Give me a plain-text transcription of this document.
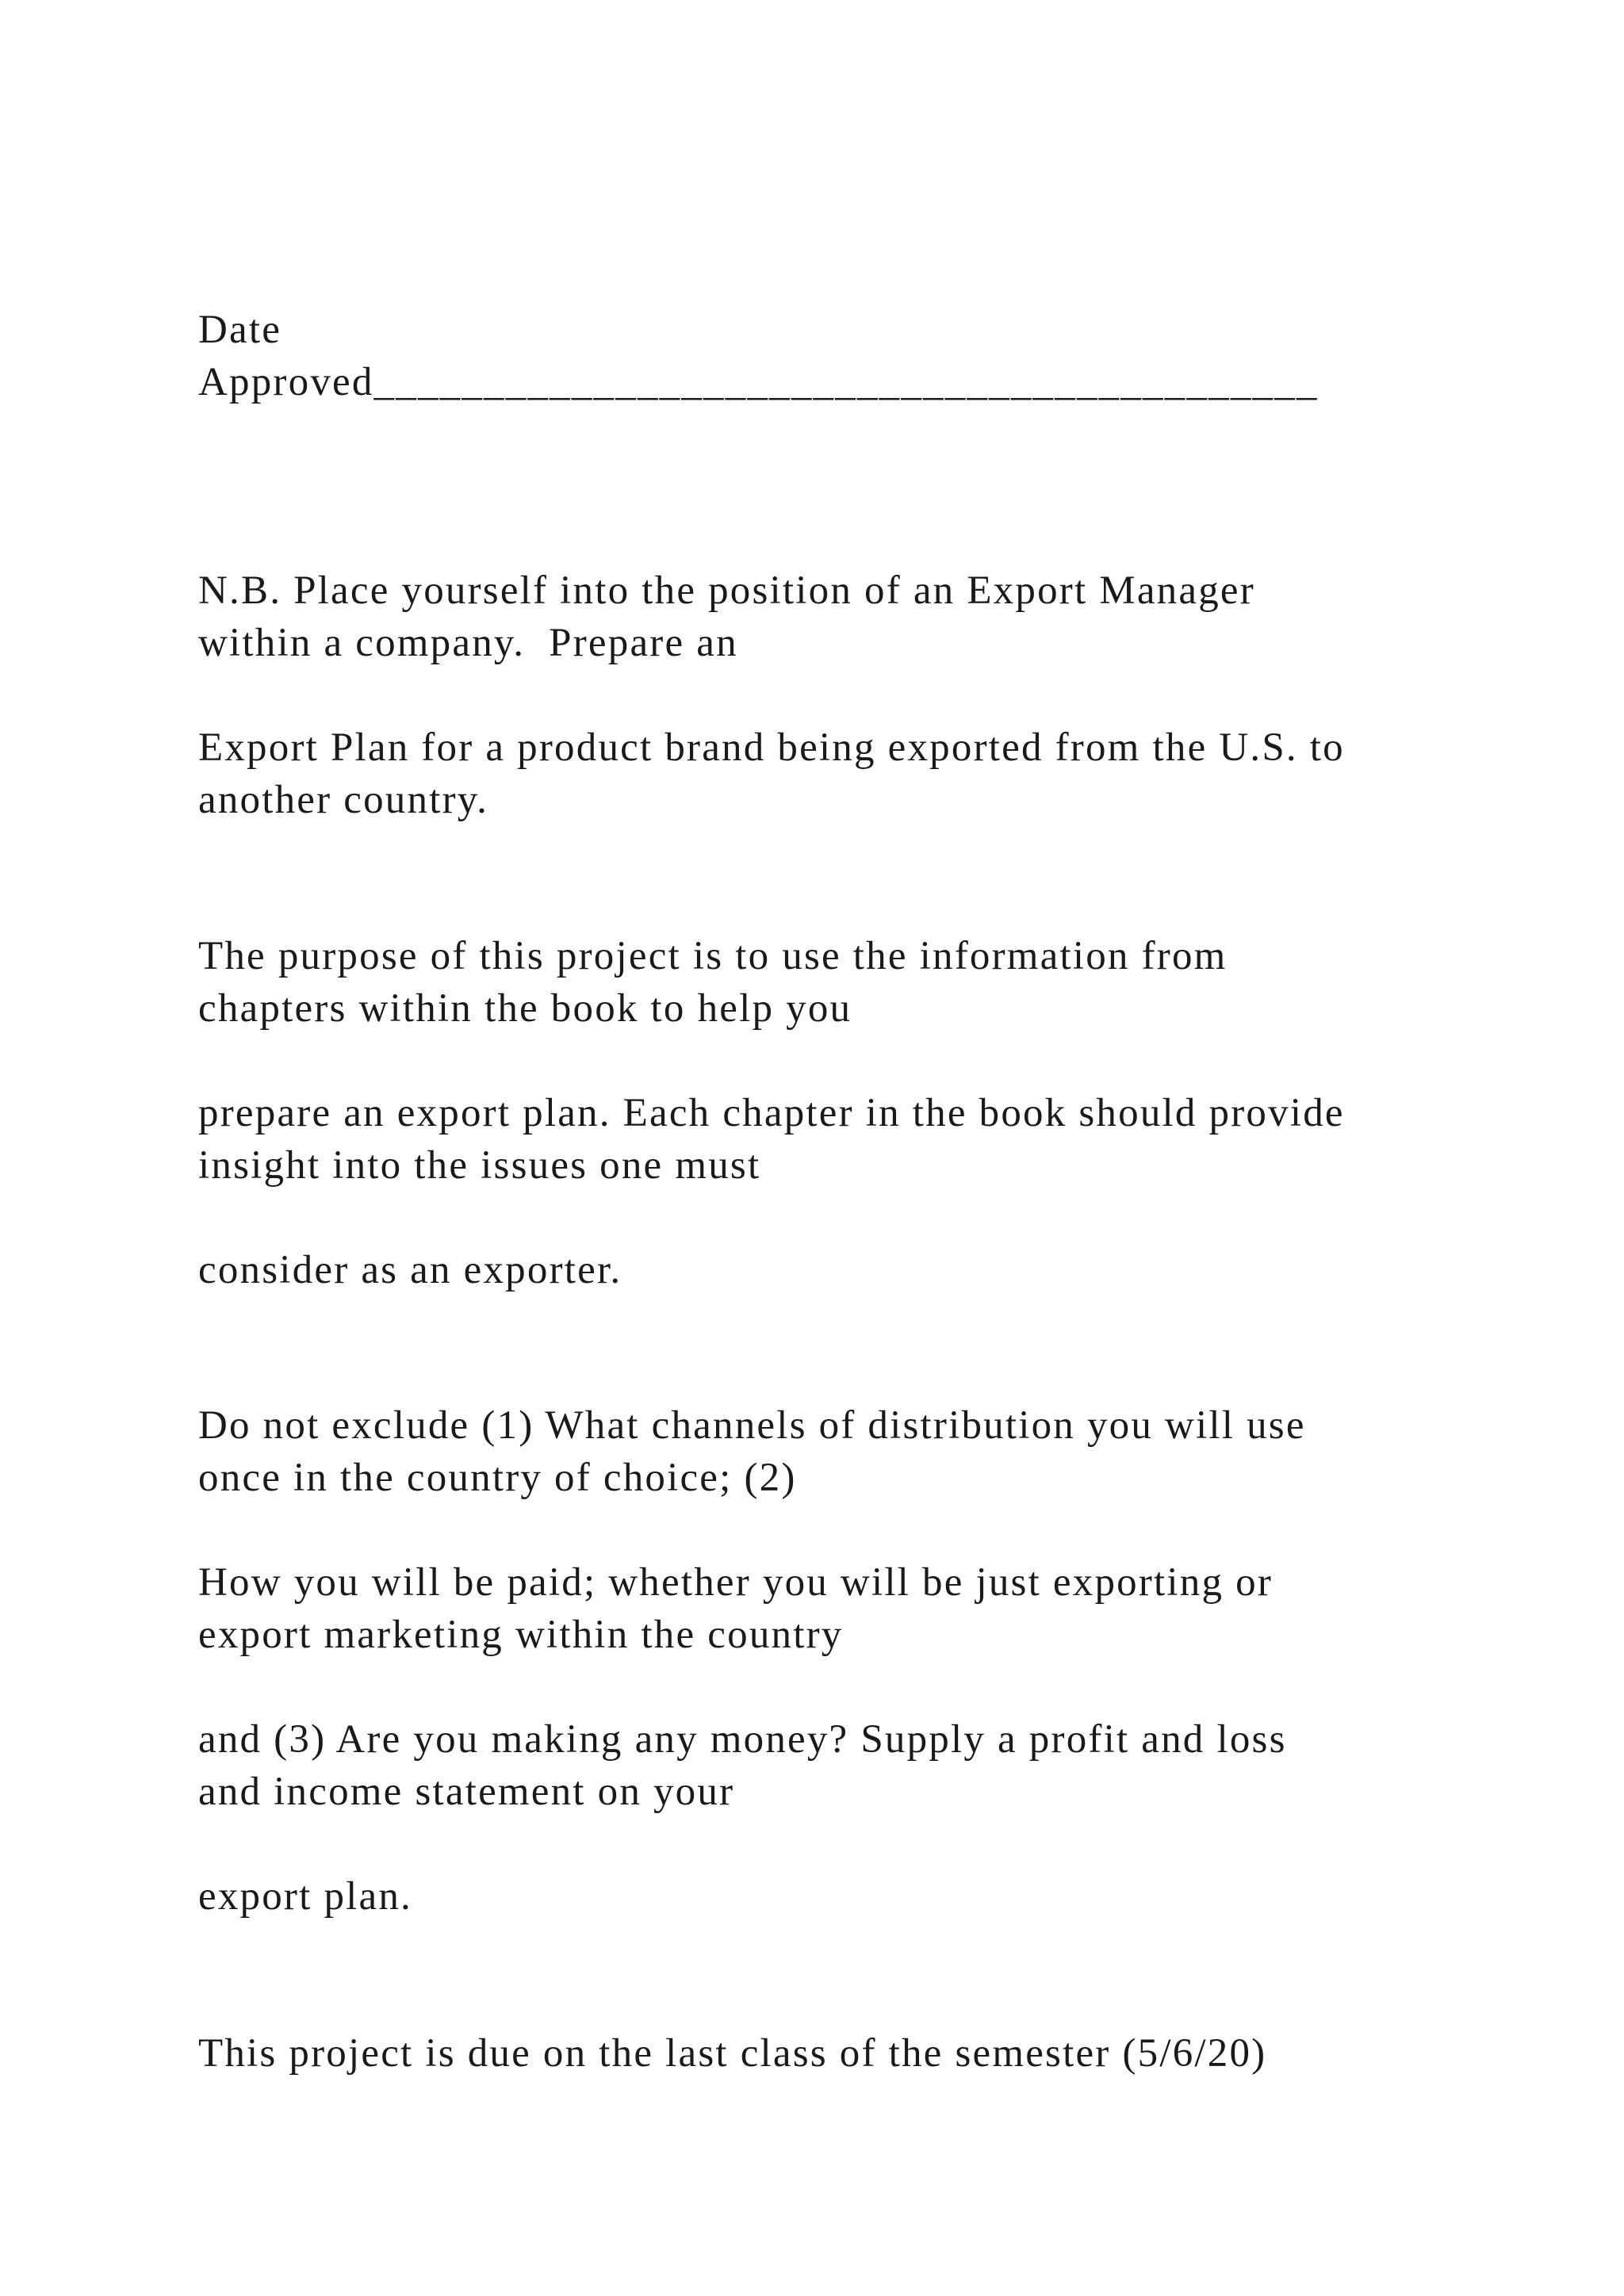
Date
Approved___________________________________________
N.B. Place yourself into the position of an Export Manager
within a company.  Prepare an
Export Plan for a product brand being exported from the U.S. to
another country.
The purpose of this project is to use the information from
chapters within the book to help you
prepare an export plan. Each chapter in the book should provide
insight into the issues one must
consider as an exporter.
Do not exclude (1) What channels of distribution you will use
once in the country of choice; (2)
How you will be paid; whether you will be just exporting or
export marketing within the country
and (3) Are you making any money? Supply a profit and loss
and income statement on your
export plan.
This project is due on the last class of the semester (5/6/20)
